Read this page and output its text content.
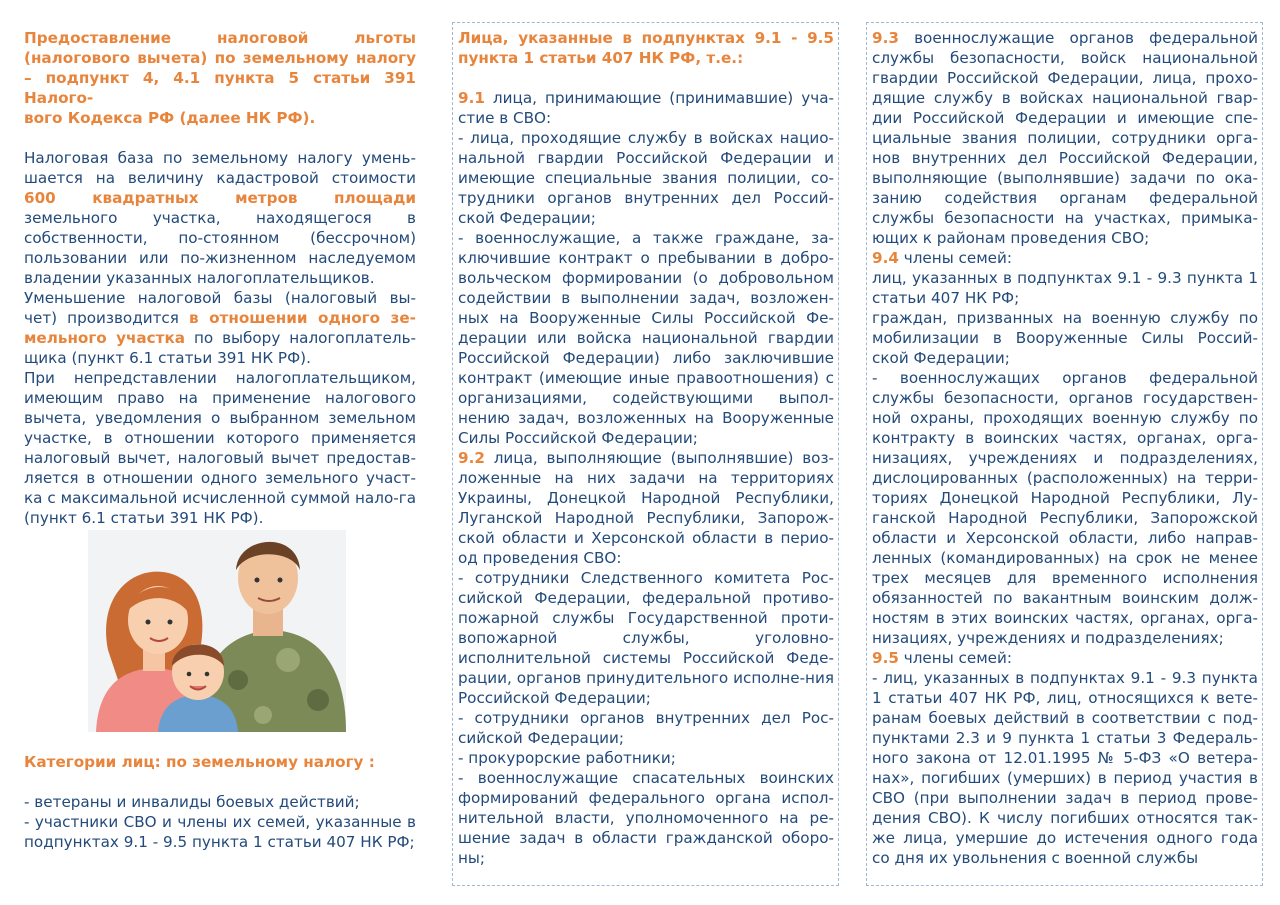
Предоставление налоговой льготы
(налогового вычета) по земельному налогу
– подпункт 4, 4.1 пункта 5 статьи 391 Налого-
вого Кодекса РФ (далее НК РФ).

Налоговая база по земельному налогу умень-шается на величину кадастровой стоимости 600 квадратных метров площади земельного участка, находящегося в собственности, по-стоянном (бессрочном) пользовании или по-жизненном наследуемом владении указанных налогоплательщиков.

Уменьшение налоговой базы (налоговый вы-чет) производится в отношении одного зе-мельного участка по выбору налогоплатель-щика (пункт 6.1 статьи 391 НК РФ).

При непредставлении налогоплательщиком, имеющим право на применение налогового вычета, уведомления о выбранном земельном участке, в отношении которого применяется налоговый вычет, налоговый вычет предостав-ляется в отношении одного земельного участ-ка с максимальной исчисленной суммой нало-га (пункт 6.1 статьи 391 НК РФ).

Категории лиц: по земельному налогу :

- ветераны и инвалиды боевых действий;

- участники СВО и члены их семей, указанные в подпунктах 9.1 - 9.5 пункта 1 статьи 407 НК РФ;

Лица, указанные в подпунктах 9.1 - 9.5 пункта 1 статьи 407 НК РФ, т.е.:

9.1 лица, принимающие (принимавшие) уча-стие в СВО:

- лица, проходящие службу в войсках нацио-нальной гвардии Российской Федерации и имеющие специальные звания полиции, со-трудники органов внутренних дел Россий-ской Федерации;

- военнослужащие, а также граждане, за-ключившие контракт о пребывании в добро-вольческом формировании (о добровольном содействии в выполнении задач, возложен-ных на Вооруженные Силы Российской Фе-дерации или войска национальной гвардии Российской Федерации) либо заключившие контракт (имеющие иные правоотношения) с организациями, содействующими выпол-нению задач, возложенных на Вооруженные Силы Российской Федерации;

9.2 лица, выполняющие (выполнявшие) воз-ложенные на них задачи на территориях Украины, Донецкой Народной Республики, Луганской Народной Республики, Запорож-ской области и Херсонской области в перио-од проведения СВО:

- сотрудники Следственного комитета Рос-сийской Федерации, федеральной противо-пожарной службы Государственной проти-вопожарной службы, уголовно-исполнительной системы Российской Феде-рации, органов принудительного исполне-ния Российской Федерации;

- сотрудники органов внутренних дел Рос-сийской Федерации;

- прокурорские работники;

- военнослужащие спасательных воинских формирований федерального органа испол-нительной власти, уполномоченного на ре-шение задач в области гражданской оборо-ны;

9.3 военнослужащие органов федеральной службы безопасности, войск национальной гвардии Российской Федерации, лица, прохо-дящие службу в войсках национальной гвар-дии Российской Федерации и имеющие спе-циальные звания полиции, сотрудники орга-нов внутренних дел Российской Федерации, выполняющие (выполнявшие) задачи по ока-занию содействия органам федеральной службы безопасности на участках, примыка-ющих к районам проведения СВО;

9.4 члены семей:

лиц, указанных в подпунктах 9.1 - 9.3 пункта 1 статьи 407 НК РФ;

граждан, призванных на военную службу по мобилизации в Вооруженные Силы Россий-ской Федерации;

- военнослужащих органов федеральной службы безопасности, органов государствен-ной охраны, проходящих военную службу по контракту в воинских частях, органах, орга-низациях, учреждениях и подразделениях, дислоцированных (расположенных) на терри-ториях Донецкой Народной Республики, Лу-ганской Народной Республики, Запорожской области и Херсонской области, либо направ-ленных (командированных) на срок не менее трех месяцев для временного исполнения обязанностей по вакантным воинским долж-ностям в этих воинских частях, органах, орга-низациях, учреждениях и подразделениях;

9.5 члены семей:

- лиц, указанных в подпунктах 9.1 - 9.3 пункта 1 статьи 407 НК РФ, лиц, относящихся к вете-ранам боевых действий в соответствии с под-пунктами 2.3 и 9 пункта 1 статьи 3 Федераль-ного закона от 12.01.1995 № 5-ФЗ «О ветера-нах», погибших (умерших) в период участия в СВО (при выполнении задач в период прове-дения СВО). К числу погибших относятся так-же лица, умершие до истечения одного года со дня их увольнения с военной службы
